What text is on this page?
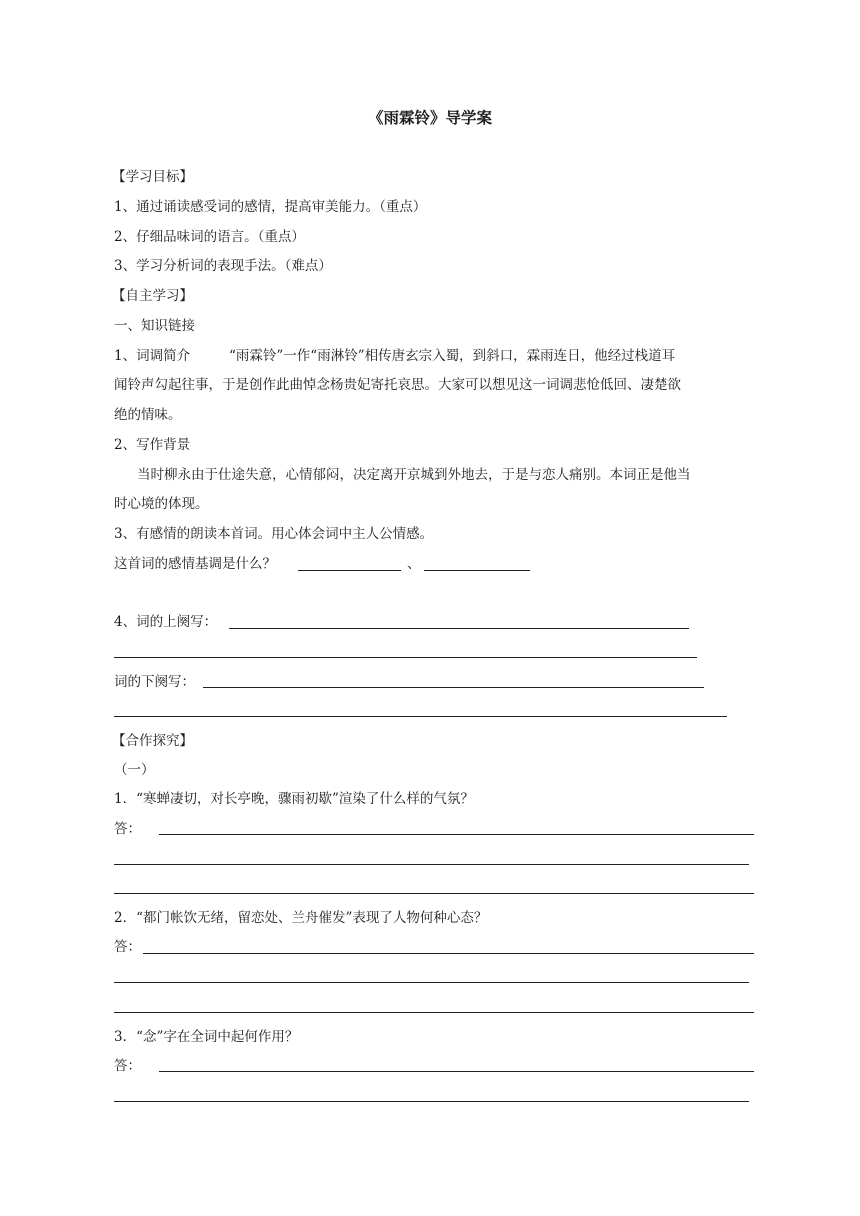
《雨霖铃》导学案
【学习目标】
1、通过诵读感受词的感情，提高审美能力。（重点）
2、仔细品味词的语言。（重点）
3、学习分析词的表现手法。（难点）
【自主学习】
一、知识链接
1、词调简介	“雨霖铃”一作“雨淋铃”相传唐玄宗入蜀，到斜口，霖雨连日，他经过栈道耳
闻铃声勾起往事，于是创作此曲悼念杨贵妃寄托哀思。大家可以想见这一词调悲怆低回、凄楚欲
绝的情味。
2、写作背景
当时柳永由于仕途失意，心情郁闷，决定离开京城到外地去，于是与恋人痛别。本词正是他当
时心境的体现。
3、有感情的朗读本首词。用心体会词中主人公情感。
这首词的感情基调是什么？	、
4、词的上阕写：
词的下阕写：
【合作探究】
（一）
1．“寒蝉凄切，对长亭晚，骤雨初歇”渲染了什么样的气氛？
答：
2．“都门帐饮无绪，留恋处、兰舟催发”表现了人物何种心态？
答：
3．“念”字在全词中起何作用？
答：
